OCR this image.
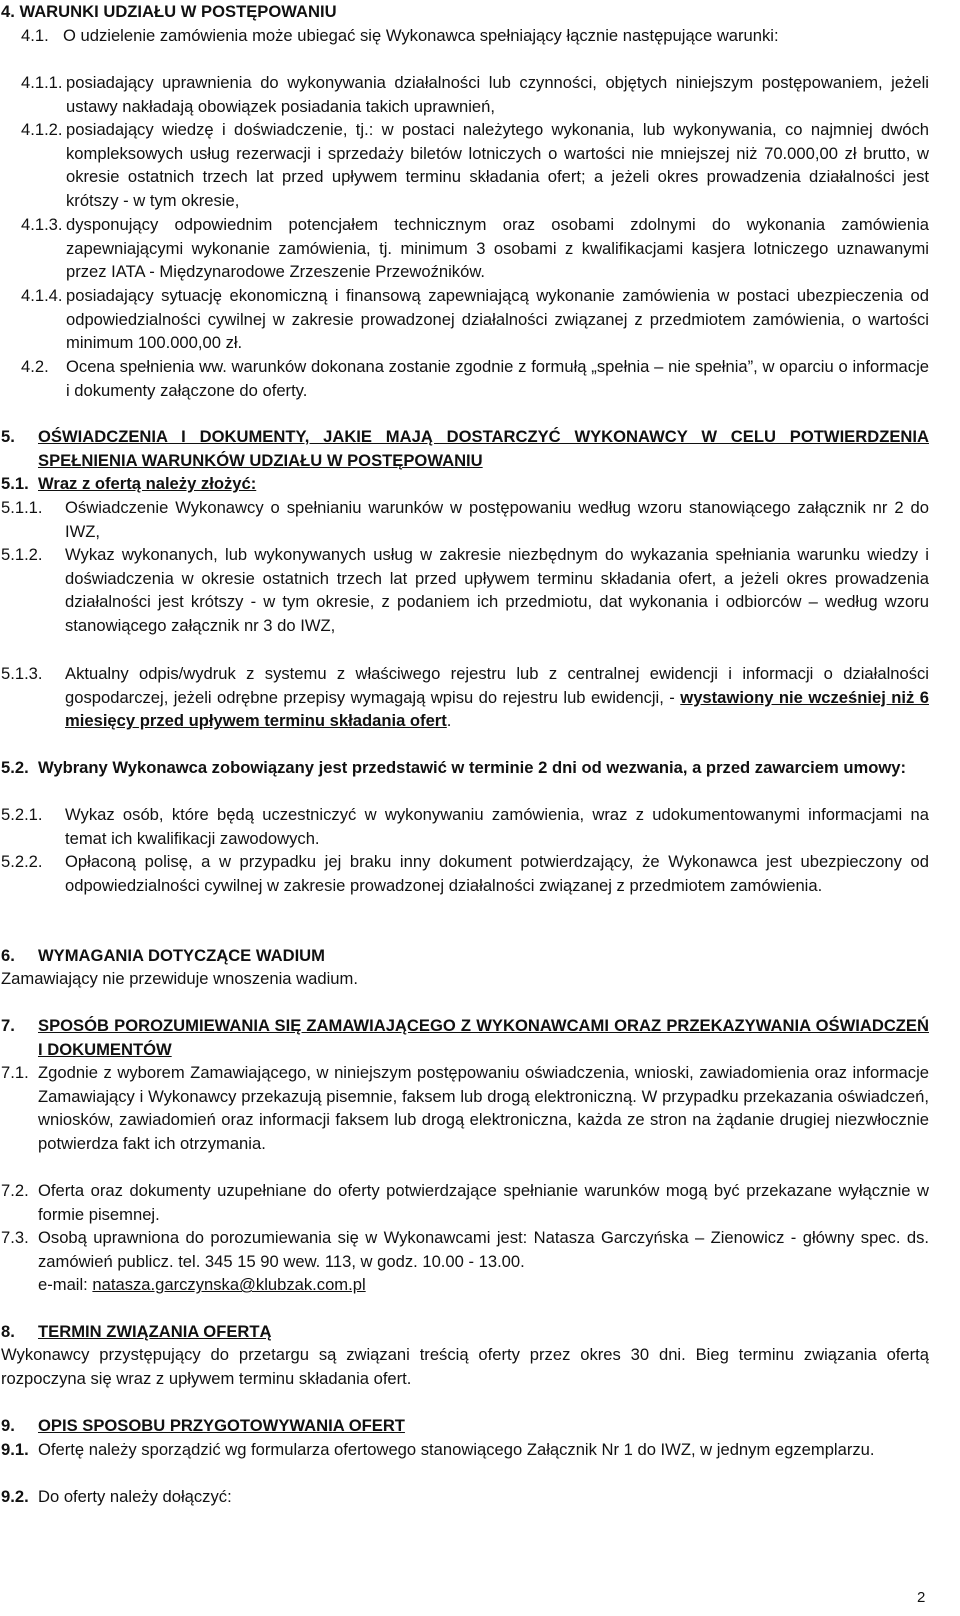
4. WARUNKI UDZIAŁU W POSTĘPOWANIU
4.1. O udzielenie zamówienia może ubiegać się Wykonawca spełniający łącznie następujące warunki:
4.1.1. posiadający uprawnienia do wykonywania działalności lub czynności, objętych niniejszym postępowaniem, jeżeli ustawy nakładają obowiązek posiadania takich uprawnień,
4.1.2. posiadający wiedzę i doświadczenie, tj.: w postaci należytego wykonania, lub wykonywania, co najmniej dwóch kompleksowych usług rezerwacji i sprzedaży biletów lotniczych o wartości nie mniejszej niż 70.000,00 zł brutto, w okresie ostatnich trzech lat przed upływem terminu składania ofert; a jeżeli okres prowadzenia działalności jest krótszy - w tym okresie,
4.1.3. dysponujący odpowiednim potencjałem technicznym oraz osobami zdolnymi do wykonania zamówienia zapewniającymi wykonanie zamówienia, tj. minimum 3 osobami z kwalifikacjami kasjera lotniczego uznawanymi przez IATA - Międzynarodowe Zrzeszenie Przewoźników.
4.1.4. posiadający sytuację ekonomiczną i finansową zapewniającą wykonanie zamówienia w postaci ubezpieczenia od odpowiedzialności cywilnej w zakresie prowadzonej działalności związanej z przedmiotem zamówienia, o wartości minimum 100.000,00 zł.
4.2.	Ocena spełnienia ww. warunków dokonana zostanie zgodnie z formułą „spełnia – nie spełnia”, w oparciu o informacje i dokumenty załączone do oferty.
5.	OŚWIADCZENIA I DOKUMENTY, JAKIE MAJĄ DOSTARCZYĆ WYKONAWCY W CELU POTWIERDZENIA SPEŁNIENIA WARUNKÓW UDZIAŁU W POSTĘPOWANIU
5.1. Wraz z ofertą należy złożyć:
5.1.1.	Oświadczenie Wykonawcy o spełnianiu warunków w postępowaniu według wzoru stanowiącego załącznik nr 2 do IWZ,
5.1.2.	Wykaz wykonanych, lub wykonywanych usług w zakresie niezbędnym do wykazania spełniania warunku wiedzy i doświadczenia w okresie ostatnich trzech lat przed upływem terminu składania ofert, a jeżeli okres prowadzenia działalności jest krótszy - w tym okresie, z podaniem ich przedmiotu, dat wykonania i odbiorców – według wzoru stanowiącego załącznik nr 3 do IWZ,
5.1.3.	Aktualny odpis/wydruk z systemu z właściwego rejestru lub z centralnej ewidencji i informacji o działalności gospodarczej, jeżeli odrębne przepisy wymagają wpisu do rejestru lub ewidencji, - wystawiony nie wcześniej niż 6 miesięcy przed upływem terminu składania ofert.
5.2. Wybrany Wykonawca zobowiązany jest przedstawić w terminie 2 dni od wezwania, a przed zawarciem umowy:
5.2.1.	Wykaz osób, które będą uczestniczyć w wykonywaniu zamówienia, wraz z udokumentowanymi informacjami na temat ich kwalifikacji zawodowych.
5.2.2.	Opłaconą polisę, a w przypadku jej braku inny dokument potwierdzający, że Wykonawca jest ubezpieczony od odpowiedzialności cywilnej w zakresie prowadzonej działalności związanej z przedmiotem zamówienia.
6.	WYMAGANIA DOTYCZĄCE WADIUM
Zamawiający nie przewiduje wnoszenia wadium.
7.	SPOSÓB POROZUMIEWANIA SIĘ ZAMAWIAJĄCEGO Z WYKONAWCAMI ORAZ PRZEKAZYWANIA OŚWIADCZEŃ I DOKUMENTÓW
7.1. Zgodnie z wyborem Zamawiającego, w niniejszym postępowaniu oświadczenia, wnioski, zawiadomienia oraz informacje Zamawiający i Wykonawcy przekazują pisemnie, faksem lub drogą elektroniczną. W przypadku przekazania oświadczeń, wniosków, zawiadomień oraz informacji faksem lub drogą elektroniczna, każda ze stron na żądanie drugiej niezwłocznie potwierdza fakt ich otrzymania.
7.2. Oferta oraz dokumenty uzupełniane do oferty potwierdzające spełnianie warunków mogą być przekazane wyłącznie w formie pisemnej.
7.3. Osobą uprawniona do porozumiewania się w Wykonawcami jest: Natasza Garczyńska – Zienowicz - główny spec. ds. zamówień publicz. tel. 345 15 90 wew. 113, w godz. 10.00 - 13.00.
e-mail: natasza.garczynska@klubzak.com.pl
8.	TERMIN ZWIĄZANIA OFERTĄ
Wykonawcy przystępujący do przetargu są związani treścią oferty przez okres 30 dni. Bieg terminu związania ofertą rozpoczyna się wraz z upływem terminu składania ofert.
9.	OPIS SPOSOBU PRZYGOTOWYWANIA OFERT
9.1. Ofertę należy sporządzić wg formularza ofertowego stanowiącego Załącznik Nr 1 do IWZ, w jednym egzemplarzu.
9.2. Do oferty należy dołączyć:
2
